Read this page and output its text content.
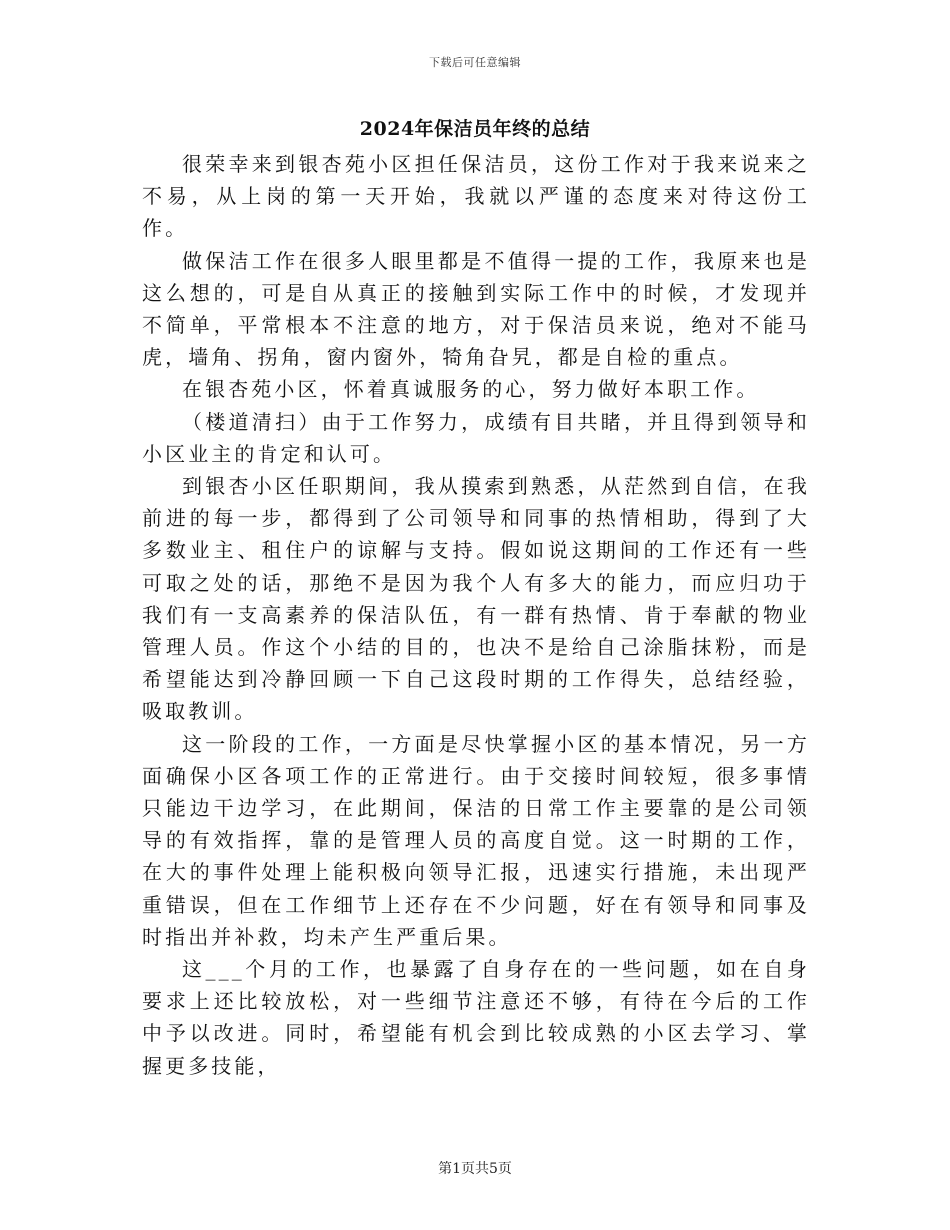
下载后可任意编辑
2024年保洁员年终的总结

很荣幸来到银杏苑小区担任保洁员，这份工作对于我来说来之不易，从上岗的第一天开始，我就以严谨的态度来对待这份工作。

做保洁工作在很多人眼里都是不值得一提的工作，我原来也是这么想的，可是自从真正的接触到实际工作中的时候，才发现并不简单，平常根本不注意的地方，对于保洁员来说，绝对不能马虎，墙角、拐角，窗内窗外，犄角旮旯，都是自检的重点。

在银杏苑小区，怀着真诚服务的心，努力做好本职工作。

（楼道清扫）由于工作努力，成绩有目共睹，并且得到领导和小区业主的肯定和认可。

到银杏小区任职期间，我从摸索到熟悉，从茫然到自信，在我前进的每一步，都得到了公司领导和同事的热情相助，得到了大多数业主、租住户的谅解与支持。假如说这期间的工作还有一些可取之处的话，那绝不是因为我个人有多大的能力，而应归功于我们有一支高素养的保洁队伍，有一群有热情、肯于奉献的物业管理人员。作这个小结的目的，也决不是给自己涂脂抹粉，而是希望能达到冷静回顾一下自己这段时期的工作得失，总结经验，吸取教训。

这一阶段的工作，一方面是尽快掌握小区的基本情况，另一方面确保小区各项工作的正常进行。由于交接时间较短，很多事情只能边干边学习，在此期间，保洁的日常工作主要靠的是公司领导的有效指挥，靠的是管理人员的高度自觉。这一时期的工作，在大的事件处理上能积极向领导汇报，迅速实行措施，未出现严重错误，但在工作细节上还存在不少问题，好在有领导和同事及时指出并补救，均未产生严重后果。

这___个月的工作，也暴露了自身存在的一些问题，如在自身要求上还比较放松，对一些细节注意还不够，有待在今后的工作中予以改进。同时，希望能有机会到比较成熟的小区去学习、掌握更多技能，

第1页共5页
